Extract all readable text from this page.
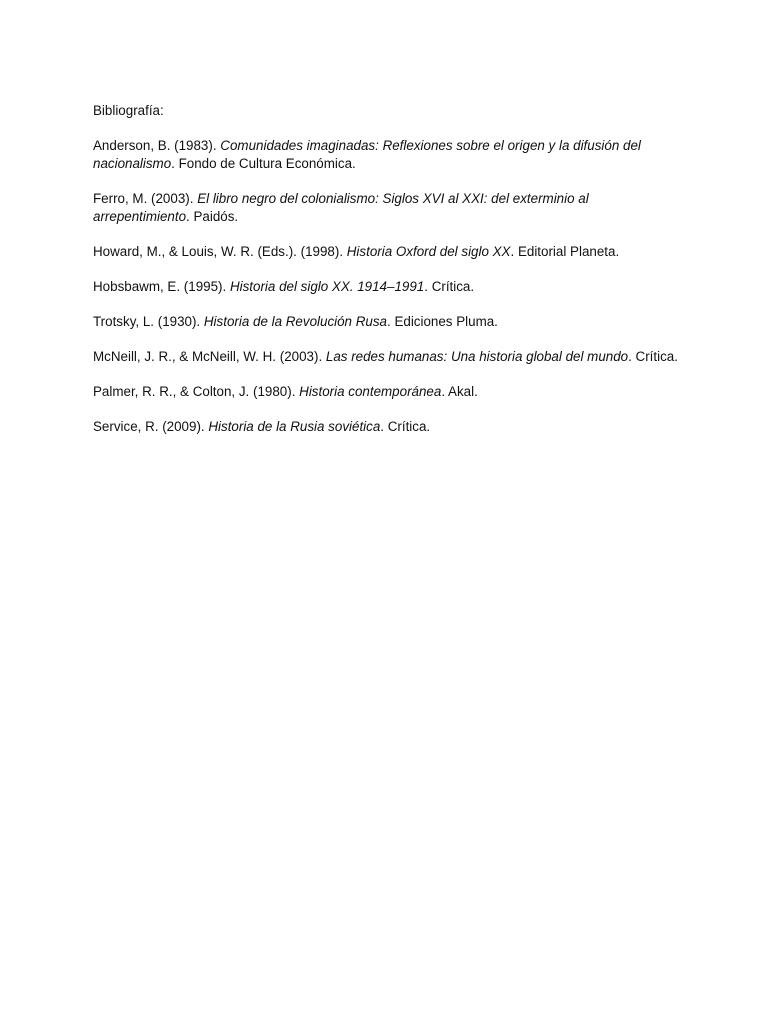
Bibliografía:
Anderson, B. (1983). Comunidades imaginadas: Reflexiones sobre el origen y la difusión del nacionalismo. Fondo de Cultura Económica.
Ferro, M. (2003). El libro negro del colonialismo: Siglos XVI al XXI: del exterminio al arrepentimiento. Paidós.
Howard, M., & Louis, W. R. (Eds.). (1998). Historia Oxford del siglo XX. Editorial Planeta.
Hobsbawm, E. (1995). Historia del siglo XX. 1914–1991. Crítica.
Trotsky, L. (1930). Historia de la Revolución Rusa. Ediciones Pluma.
McNeill, J. R., & McNeill, W. H. (2003). Las redes humanas: Una historia global del mundo. Crítica.
Palmer, R. R., & Colton, J. (1980). Historia contemporánea. Akal.
Service, R. (2009). Historia de la Rusia soviética. Crítica.
